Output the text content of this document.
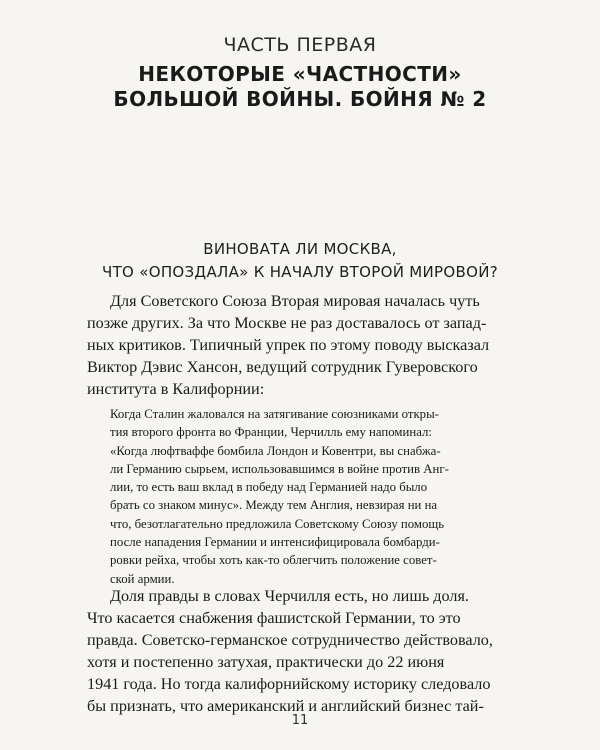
ЧАСТЬ ПЕРВАЯ
НЕКОТОРЫЕ «ЧАСТНОСТИ»
БОЛЬШОЙ ВОЙНЫ. БОЙНЯ № 2
ВИНОВАТА ЛИ МОСКВА,
ЧТО «ОПОЗДАЛА» К НАЧАЛУ ВТОРОЙ МИРОВОЙ?
Для Советского Союза Вторая мировая началась чуть
позже других. За что Москве не раз доставалось от запад-
ных критиков. Типичный упрек по этому поводу высказал
Виктор Дэвис Хансон, ведущий сотрудник Гуверовского
института в Калифорнии:
Когда Сталин жаловался на затягивание союзниками откры-
тия второго фронта во Франции, Черчилль ему напоминал:
«Когда люфтваффе бомбила Лондон и Ковентри, вы снабжа-
ли Германию сырьем, использовавшимся в войне против Анг-
лии, то есть ваш вклад в победу над Германией надо было
брать со знаком минус». Между тем Англия, невзирая ни на
что, безотлагательно предложила Советскому Союзу помощь
после нападения Германии и интенсифицировала бомбарди-
ровки рейха, чтобы хоть как-то облегчить положение совет-
ской армии.
Доля правды в словах Черчилля есть, но лишь доля.
Что касается снабжения фашистской Германии, то это
правда. Советско-германское сотрудничество действовало,
хотя и постепенно затухая, практически до 22 июня
1941 года. Но тогда калифорнийскому историку следовало
бы признать, что американский и английский бизнес тай-
11
